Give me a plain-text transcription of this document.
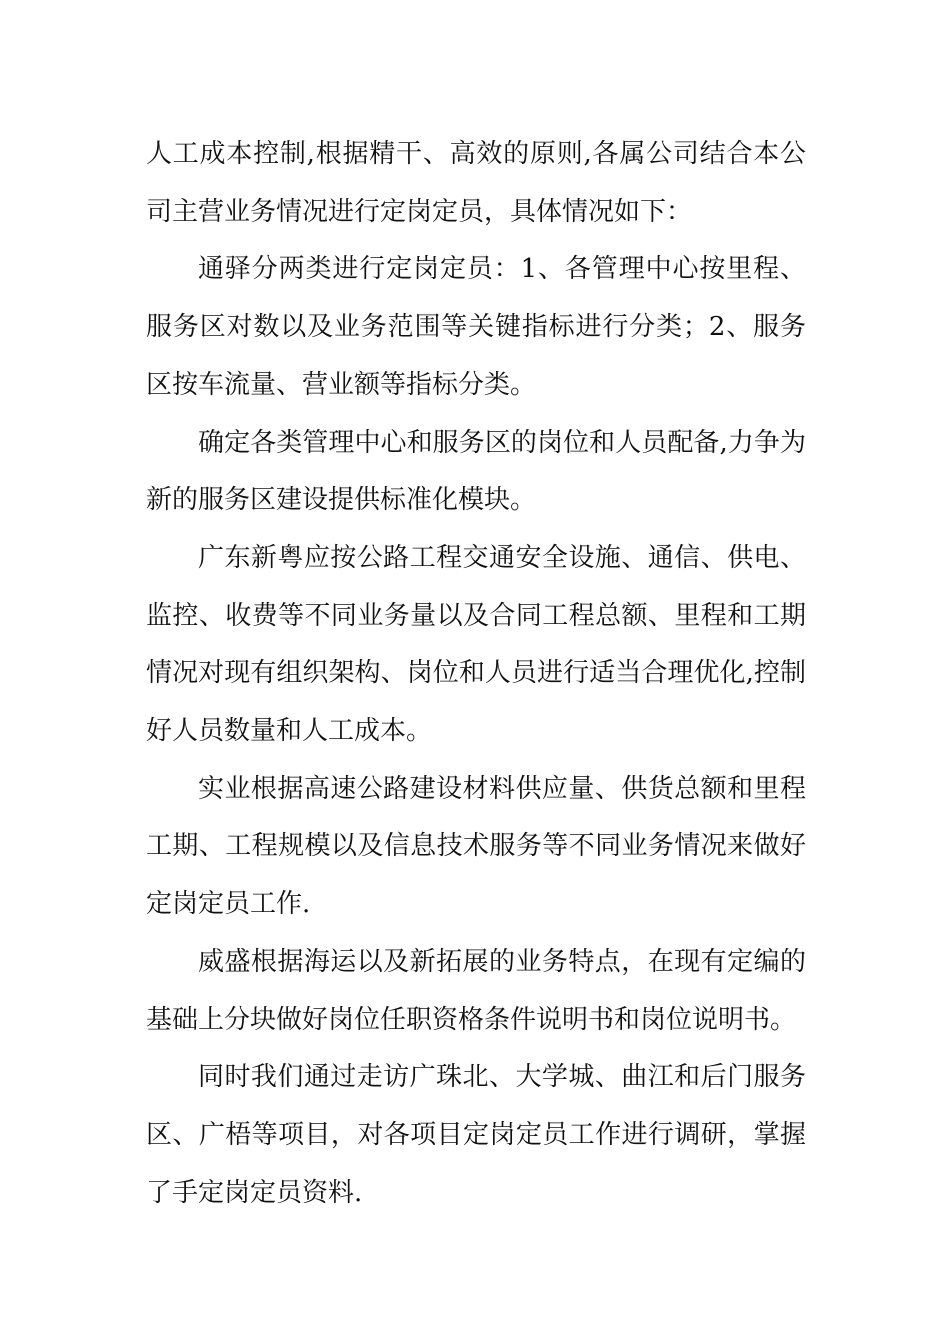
人工成本控制,根据精干、高效的原则,各属公司结合本公司主营业务情况进行定岗定员，具体情况如下：

通驿分两类进行定岗定员：1、各管理中心按里程、服务区对数以及业务范围等关键指标进行分类；2、服务区按车流量、营业额等指标分类。

确定各类管理中心和服务区的岗位和人员配备,力争为新的服务区建设提供标准化模块。

广东新粤应按公路工程交通安全设施、通信、供电、监控、收费等不同业务量以及合同工程总额、里程和工期情况对现有组织架构、岗位和人员进行适当合理优化,控制好人员数量和人工成本。

实业根据高速公路建设材料供应量、供货总额和里程工期、工程规模以及信息技术服务等不同业务情况来做好定岗定员工作.

威盛根据海运以及新拓展的业务特点，在现有定编的基础上分块做好岗位任职资格条件说明书和岗位说明书。

同时我们通过走访广珠北、大学城、曲江和后门服务区、广梧等项目，对各项目定岗定员工作进行调研，掌握了手定岗定员资料.
